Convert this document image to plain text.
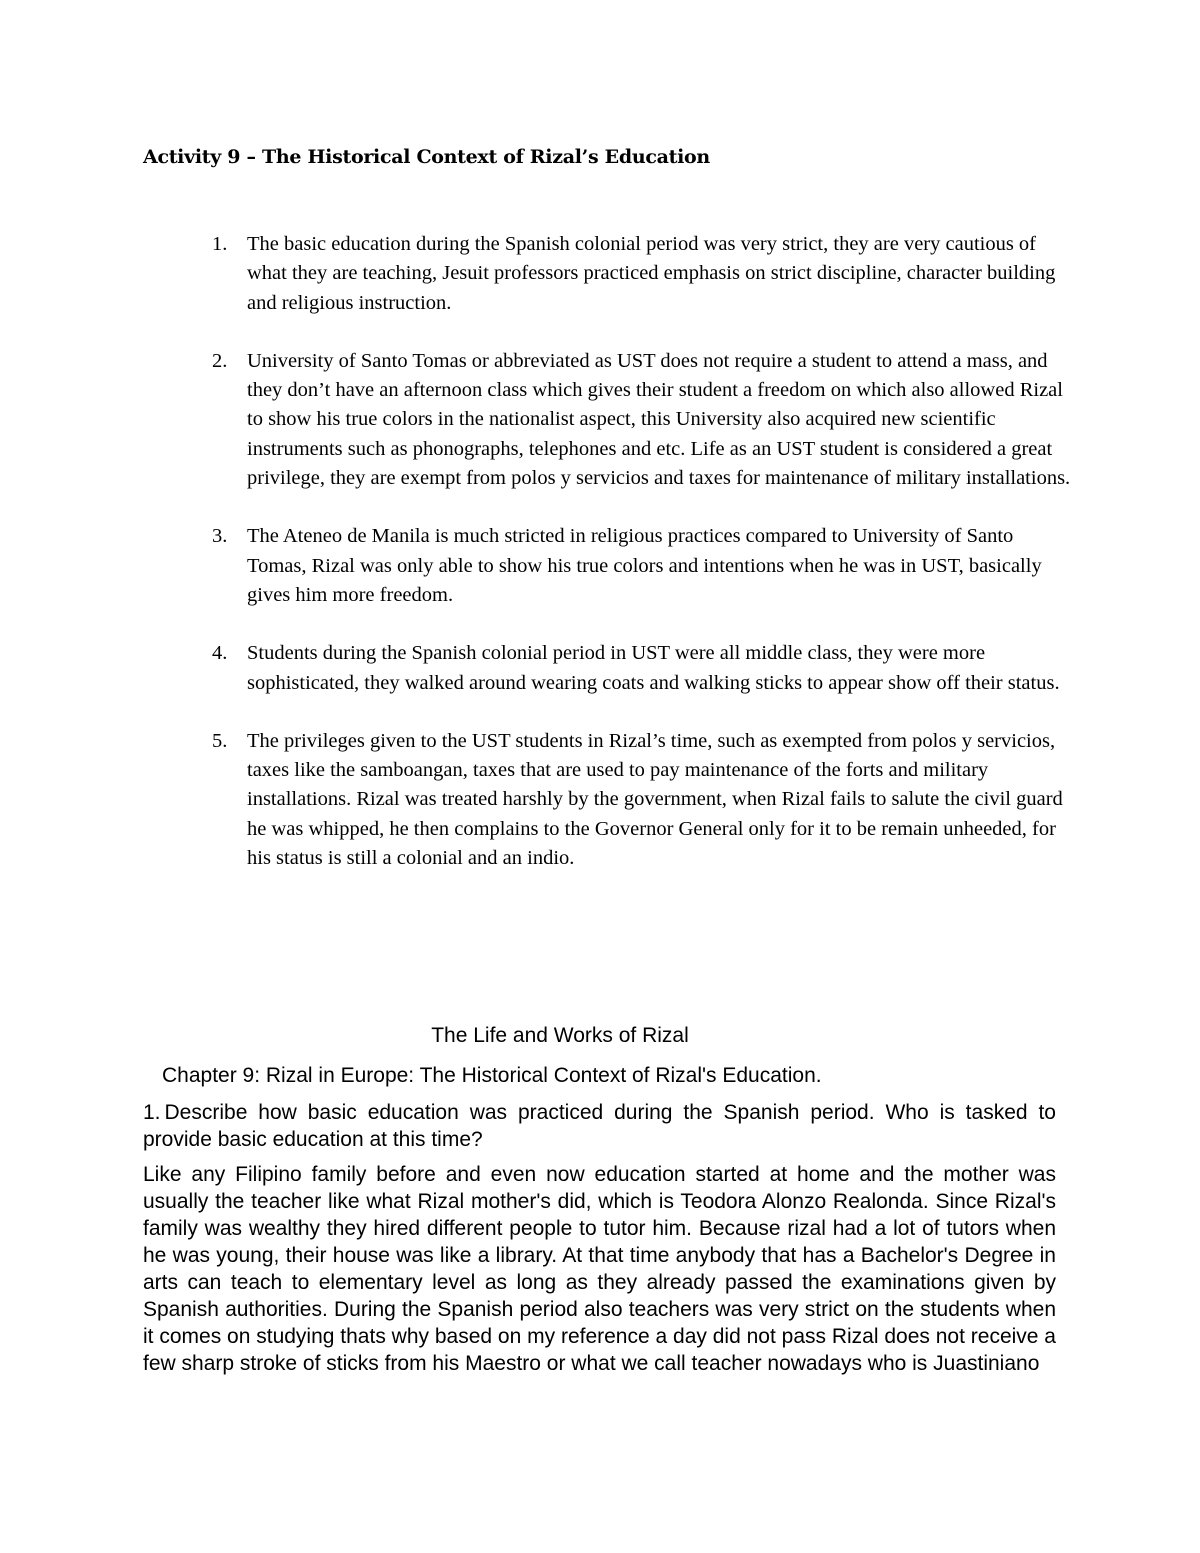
Activity 9 – The Historical Context of Rizal’s Education
1. The basic education during the Spanish colonial period was very strict, they are very cautious of what they are teaching, Jesuit professors practiced emphasis on strict discipline, character building and religious instruction.
2. University of Santo Tomas or abbreviated as UST does not require a student to attend a mass, and they don’t have an afternoon class which gives their student a freedom on which also allowed Rizal to show his true colors in the nationalist aspect, this University also acquired new scientific instruments such as phonographs, telephones and etc. Life as an UST student is considered a great privilege, they are exempt from polos y servicios and taxes for maintenance of military installations.
3. The Ateneo de Manila is much stricted in religious practices compared to University of Santo Tomas, Rizal was only able to show his true colors and intentions when he was in UST, basically gives him more freedom.
4. Students during the Spanish colonial period in UST were all middle class, they were more sophisticated, they walked around wearing coats and walking sticks to appear show off their status.
5. The privileges given to the UST students in Rizal’s time, such as exempted from polos y servicios, taxes like the samboangan, taxes that are used to pay maintenance of the forts and military installations. Rizal was treated harshly by the government, when Rizal fails to salute the civil guard he was whipped, he then complains to the Governor General only for it to be remain unheeded, for his status is still a colonial and an indio.
The Life and Works of Rizal
Chapter 9: Rizal in Europe: The Historical Context of Rizal's Education.

1. Describe how basic education was practiced during the Spanish period. Who is tasked to provide basic education at this time?

Like any Filipino family before and even now education started at home and the mother was usually the teacher like what Rizal mother's did, which is Teodora Alonzo Realonda. Since Rizal's family was wealthy they hired different people to tutor him. Because rizal had a lot of tutors when he was young, their house was like a library. At that time anybody that has a Bachelor's Degree in arts can teach to elementary level as long as they already passed the examinations given by Spanish authorities. During the Spanish period also teachers was very strict on the students when it comes on studying thats why based on my reference a day did not pass Rizal does not receive a few sharp stroke of sticks from his Maestro or what we call teacher nowadays who is Juastiniano
